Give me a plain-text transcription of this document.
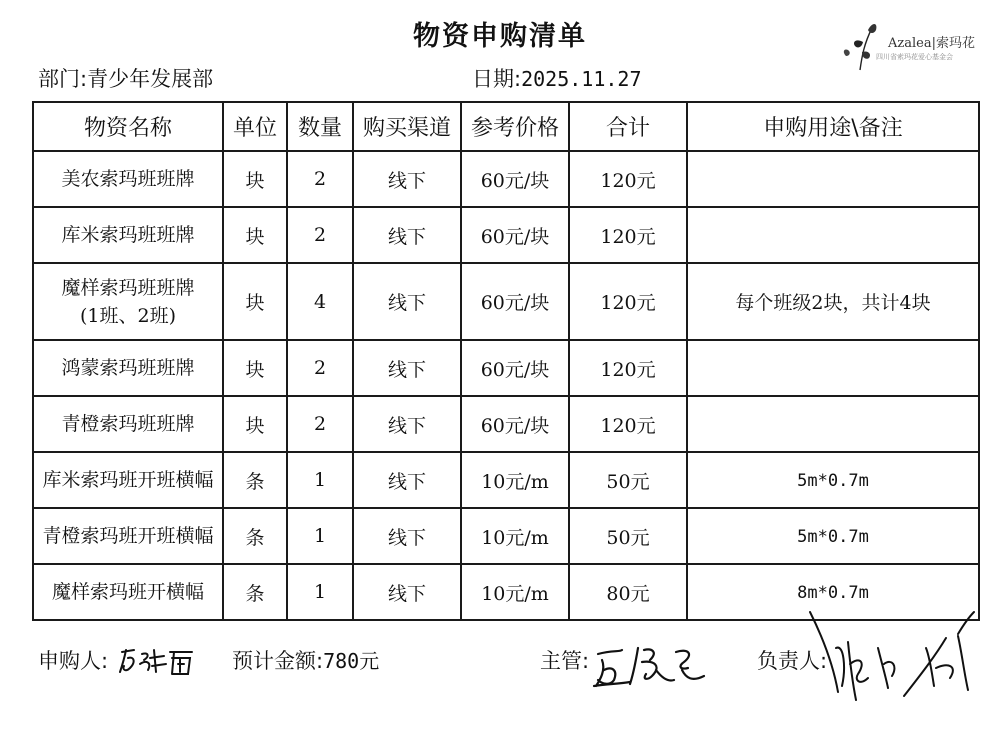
物资申购清单	Azalea|索玛花
四川省索玛花爱心基金会
部门:青少年发展部	日期:2025.11.27
物资名称	单位	数量	购买渠道	参考价格	合计	申购用途\备注
美农索玛班班牌	块	2	线下	60元/块	120元	
库米索玛班班牌	块	2	线下	60元/块	120元	

魔样索玛班班牌
(1班、2班)	块	4	线下	60元/块	120元	每个班级2块，共计4块
鸿蒙索玛班班牌	块	2	线下	60元/块	120元	
青橙索玛班班牌	块	2	线下	60元/块	120元	
库米索玛班开班横幅	条	1	线下	10元/m	50元	5m*0.7m
青橙索玛班开班横幅	条	1	线下	10元/m	50元	5m*0.7m
魔样索玛班开横幅	条	1	线下	10元/m	80元	8m*0.7m
申购人:	预计金额:780元	主管:	负责人:
